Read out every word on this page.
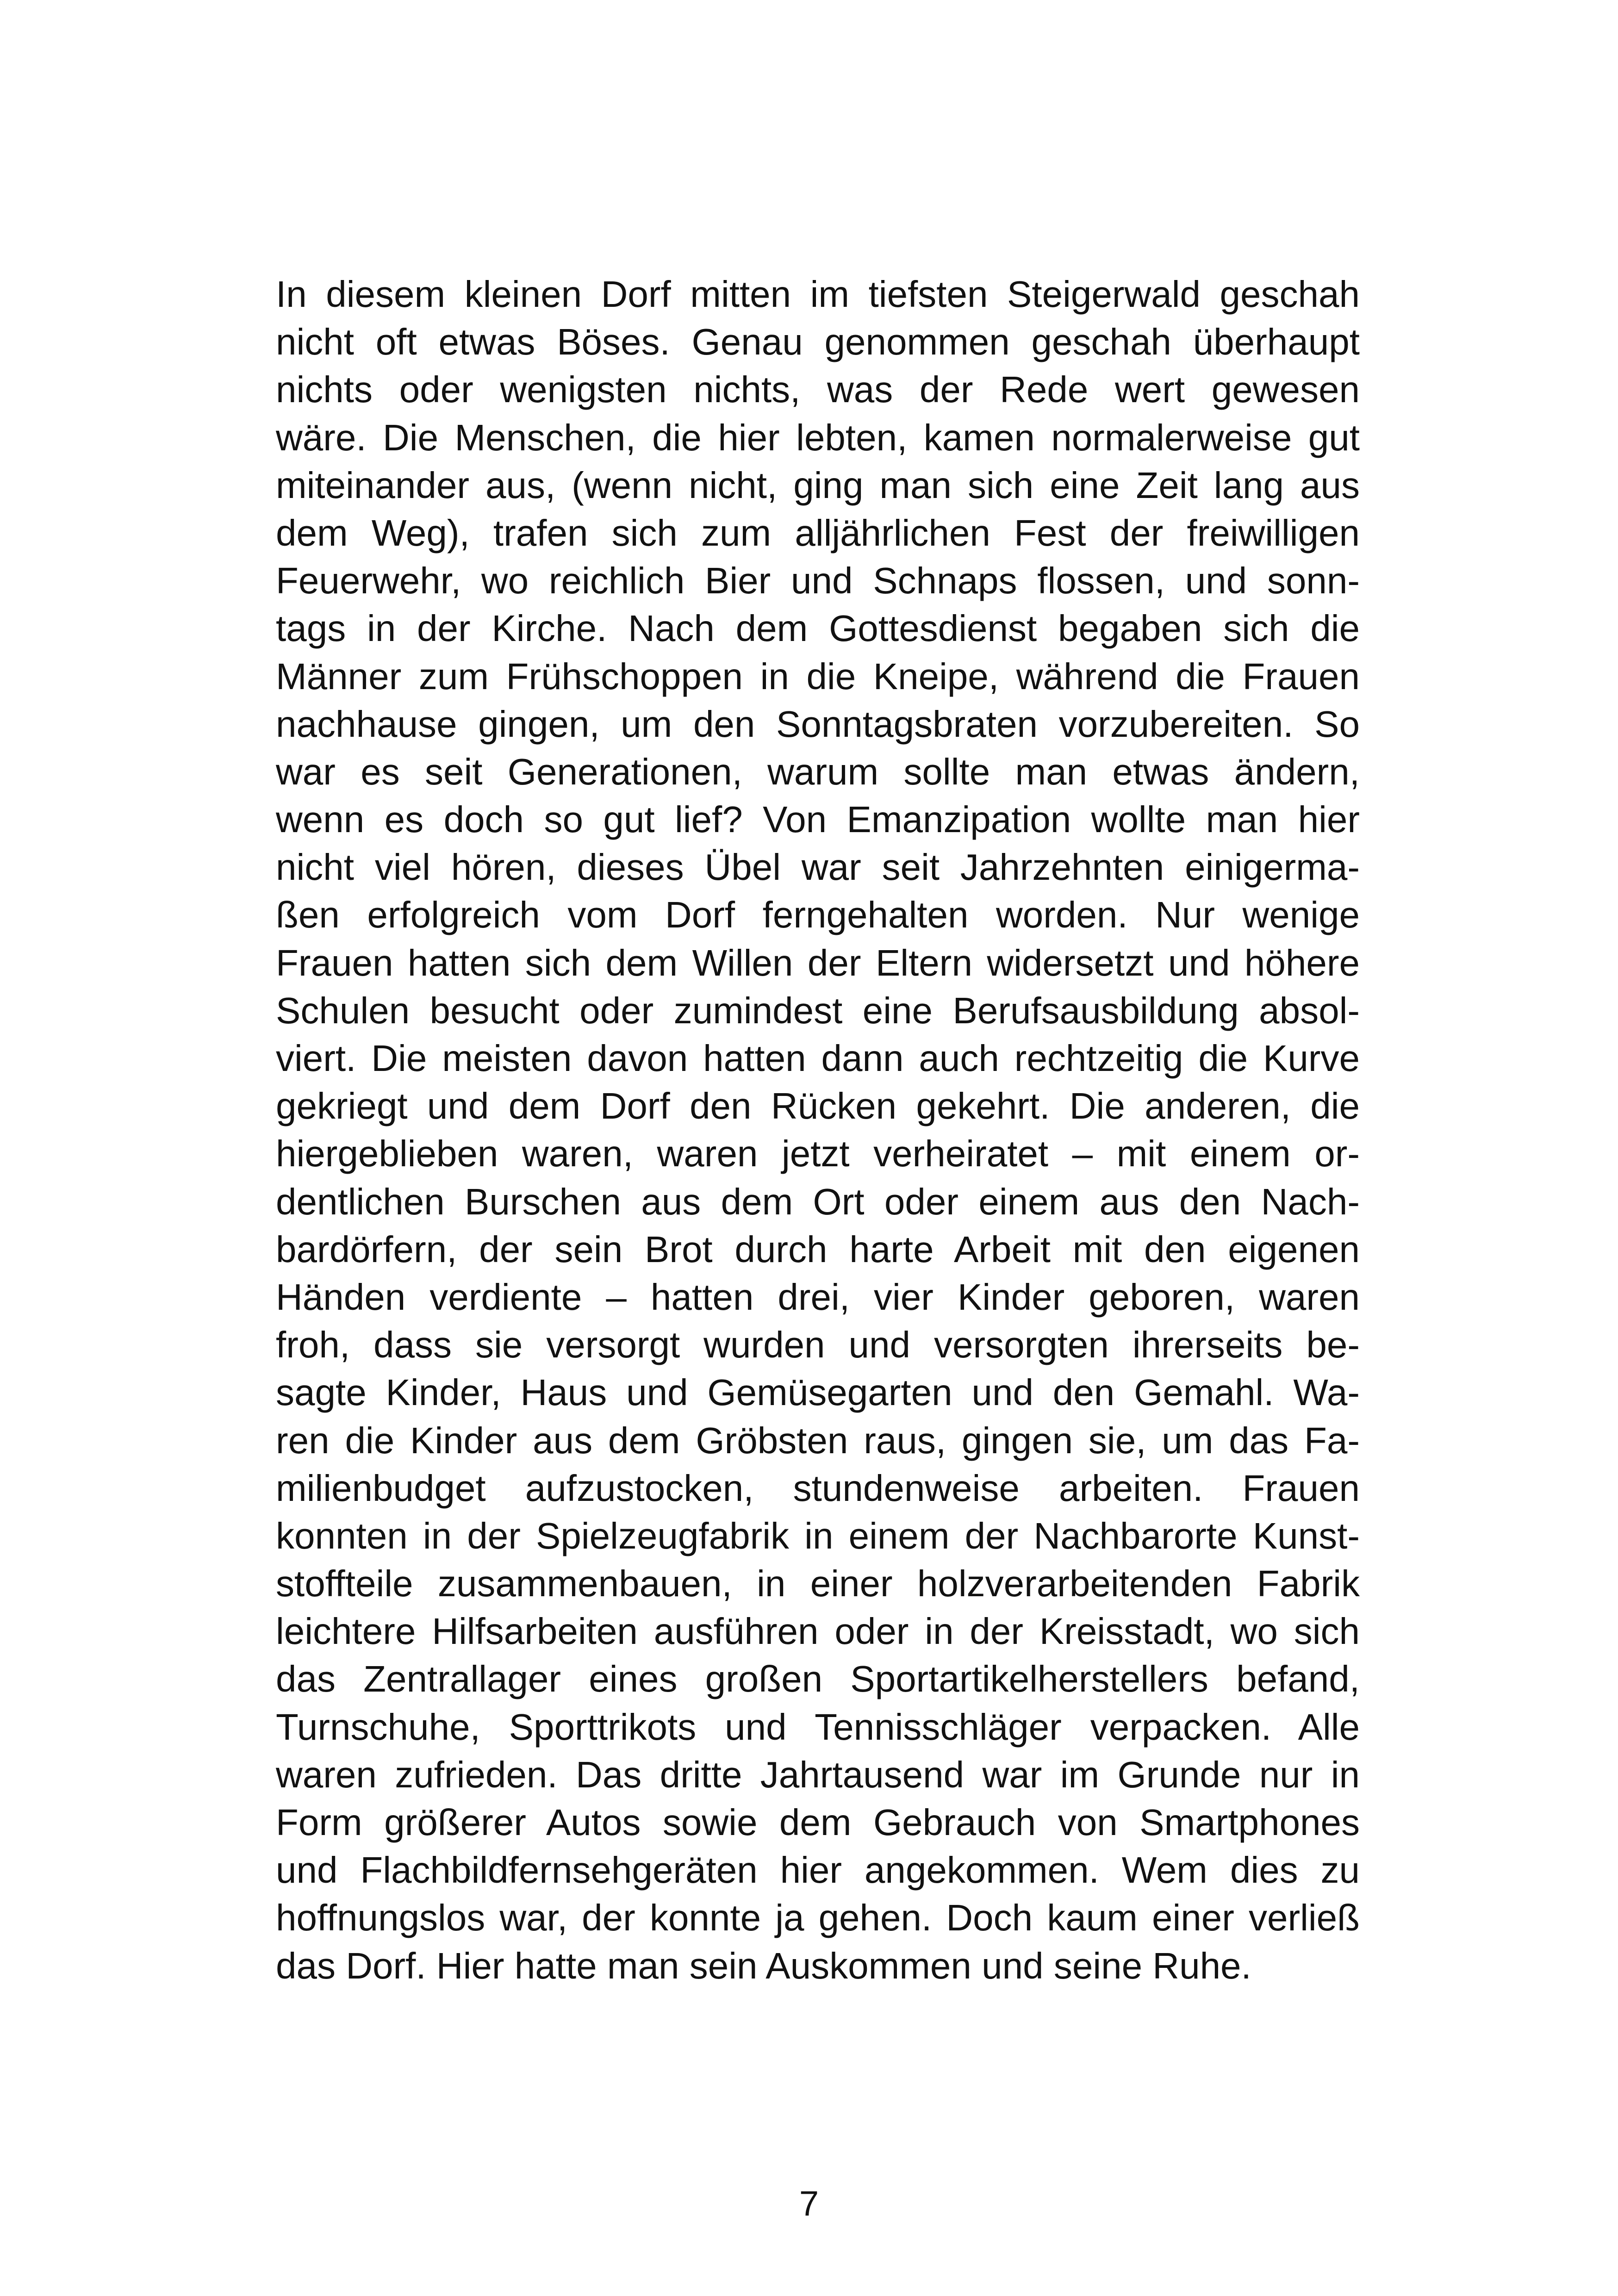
In diesem kleinen Dorf mitten im tiefsten Steigerwald geschah
nicht oft etwas Böses. Genau genommen geschah überhaupt
nichts oder wenigsten nichts, was der Rede wert gewesen
wäre. Die Menschen, die hier lebten, kamen normalerweise gut
miteinander aus, (wenn nicht, ging man sich eine Zeit lang aus
dem Weg), trafen sich zum alljährlichen Fest der freiwilligen
Feuerwehr, wo reichlich Bier und Schnaps flossen, und sonn-
tags in der Kirche. Nach dem Gottesdienst begaben sich die
Männer zum Frühschoppen in die Kneipe, während die Frauen
nachhause gingen, um den Sonntagsbraten vorzubereiten. So
war es seit Generationen, warum sollte man etwas ändern,
wenn es doch so gut lief? Von Emanzipation wollte man hier
nicht viel hören, dieses Übel war seit Jahrzehnten einigerma-
ßen erfolgreich vom Dorf ferngehalten worden. Nur wenige
Frauen hatten sich dem Willen der Eltern widersetzt und höhere
Schulen besucht oder zumindest eine Berufsausbildung absol-
viert. Die meisten davon hatten dann auch rechtzeitig die Kurve
gekriegt und dem Dorf den Rücken gekehrt. Die anderen, die
hiergeblieben waren, waren jetzt verheiratet – mit einem or-
dentlichen Burschen aus dem Ort oder einem aus den Nach-
bardörfern, der sein Brot durch harte Arbeit mit den eigenen
Händen verdiente – hatten drei, vier Kinder geboren, waren
froh, dass sie versorgt wurden und versorgten ihrerseits be-
sagte Kinder, Haus und Gemüsegarten und den Gemahl. Wa-
ren die Kinder aus dem Gröbsten raus, gingen sie, um das Fa-
milienbudget aufzustocken, stundenweise arbeiten. Frauen
konnten in der Spielzeugfabrik in einem der Nachbarorte Kunst-
stoffteile zusammenbauen, in einer holzverarbeitenden Fabrik
leichtere Hilfsarbeiten ausführen oder in der Kreisstadt, wo sich
das Zentrallager eines großen Sportartikelherstellers befand,
Turnschuhe, Sporttrikots und Tennisschläger verpacken. Alle
waren zufrieden. Das dritte Jahrtausend war im Grunde nur in
Form größerer Autos sowie dem Gebrauch von Smartphones
und Flachbildfernsehgeräten hier angekommen. Wem dies zu
hoffnungslos war, der konnte ja gehen. Doch kaum einer verließ
das Dorf. Hier hatte man sein Auskommen und seine Ruhe.
7
